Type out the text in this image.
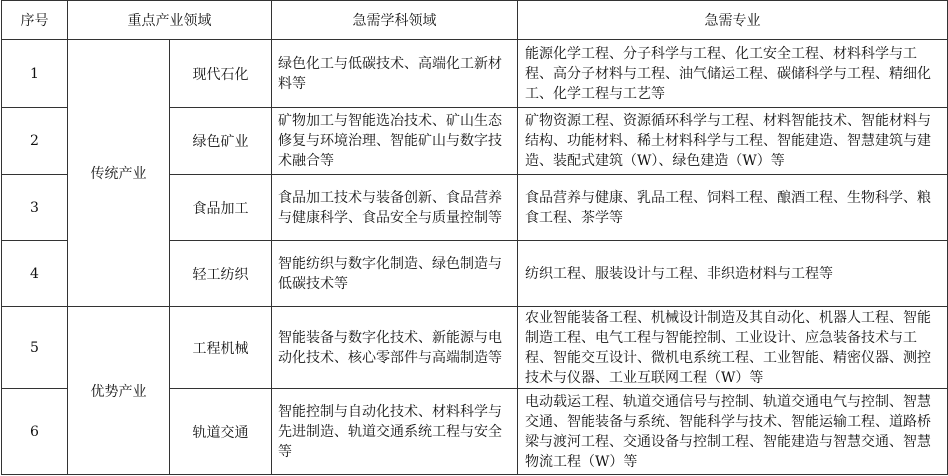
序号	重点产业领域		急需学科领域	急需专业
1	传统产业	现代石化	绿色化工与低碳技术、高端化工新材料等	能源化学工程、分子科学与工程、化工安全工程、材料科学与工程、高分子材料与工程、油气储运工程、碳储科学与工程、精细化工、化学工程与工艺等
2		绿色矿业	矿物加工与智能选冶技术、矿山生态修复与环境治理、智能矿山与数字技术融合等	矿物资源工程、资源循环科学与工程、材料智能技术、智能材料与结构、功能材料、稀土材料科学与工程、智能建造、智慧建筑与建造、装配式建筑（W）、绿色建造（W）等
3		食品加工	食品加工技术与装备创新、食品营养与健康科学、食品安全与质量控制等	食品营养与健康、乳品工程、饲料工程、酿酒工程、生物科学、粮食工程、茶学等
4		轻工纺织	智能纺织与数字化制造、绿色制造与低碳技术等	纺织工程、服装设计与工程、非织造材料与工程等
5	优势产业	工程机械	智能装备与数字化技术、新能源与电动化技术、核心零部件与高端制造等	农业智能装备工程、机械设计制造及其自动化、机器人工程、智能制造工程、电气工程与智能控制、工业设计、应急装备技术与工程、智能交互设计、微机电系统工程、工业智能、精密仪器、测控技术与仪器、工业互联网工程（W）等
6		轨道交通	智能控制与自动化技术、材料科学与先进制造、轨道交通系统工程与安全等	电动载运工程、轨道交通信号与控制、轨道交通电气与控制、智慧交通、智能装备与系统、智能科学与技术、智能运输工程、道路桥梁与渡河工程、交通设备与控制工程、智能建造与智慧交通、智慧物流工程（W）等
